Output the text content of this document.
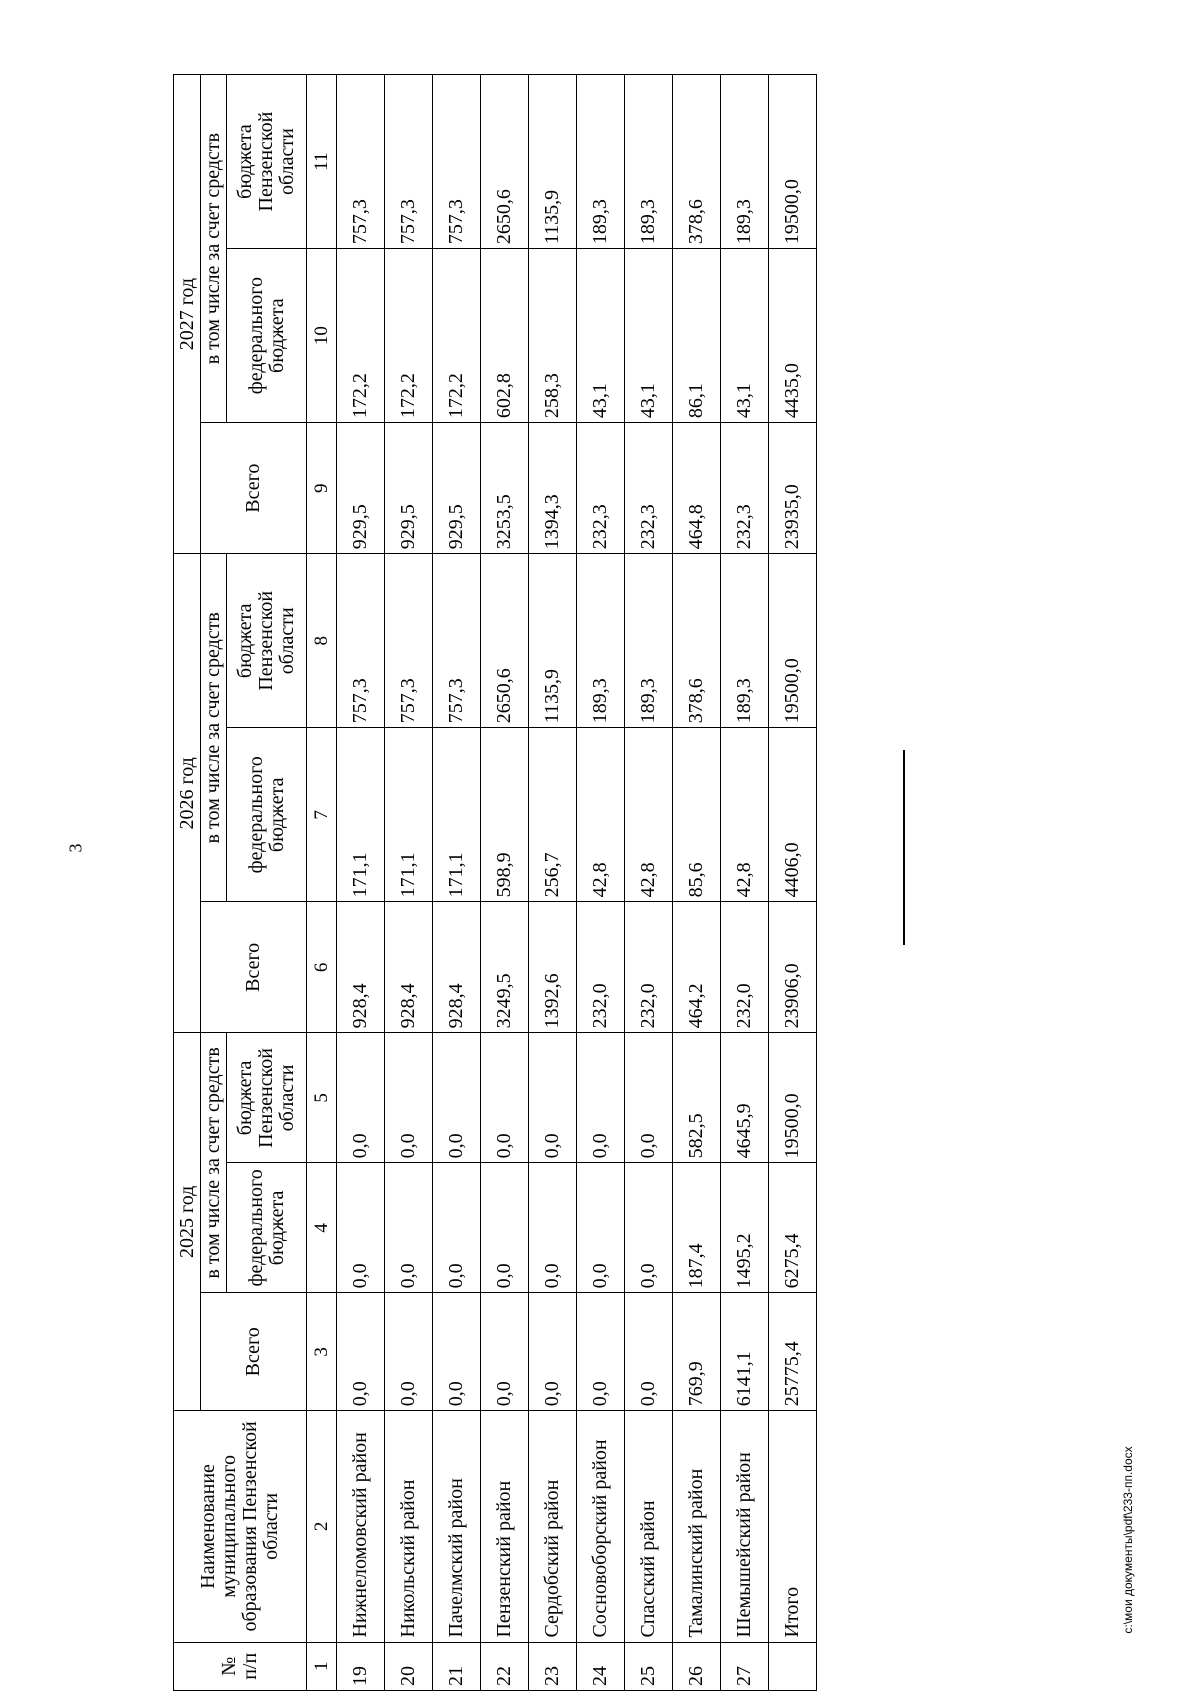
3
c:\мои документы\pdf\233-пп.docx
№ п/п	Наименование муниципального образования Пензенской области	2025 год			2026 год			2027 год		
		Всего	в том числе за счет средств		Всего	в том числе за счет средств		Всего	в том числе за счет средств	
			федерального бюджета	бюджета Пензенской области		федерального бюджета	бюджета Пензенской области		федерального бюджета	бюджета Пензенской области
1	2	3	4	5	6	7	8	9	10	11
19	Нижнеломовский район	0,0	0,0	0,0	928,4	171,1	757,3	929,5	172,2	757,3
20	Никольский район	0,0	0,0	0,0	928,4	171,1	757,3	929,5	172,2	757,3
21	Пачелмский район	0,0	0,0	0,0	928,4	171,1	757,3	929,5	172,2	757,3
22	Пензенский район	0,0	0,0	0,0	3249,5	598,9	2650,6	3253,5	602,8	2650,6
23	Сердобский район	0,0	0,0	0,0	1392,6	256,7	1135,9	1394,3	258,3	1135,9
24	Сосновоборский район	0,0	0,0	0,0	232,0	42,8	189,3	232,3	43,1	189,3
25	Спасский район	0,0	0,0	0,0	232,0	42,8	189,3	232,3	43,1	189,3
26	Тамалинский район	769,9	187,4	582,5	464,2	85,6	378,6	464,8	86,1	378,6
27	Шемышейский район	6141,1	1495,2	4645,9	232,0	42,8	189,3	232,3	43,1	189,3
	Итого	25775,4	6275,4	19500,0	23906,0	4406,0	19500,0	23935,0	4435,0	19500,0
